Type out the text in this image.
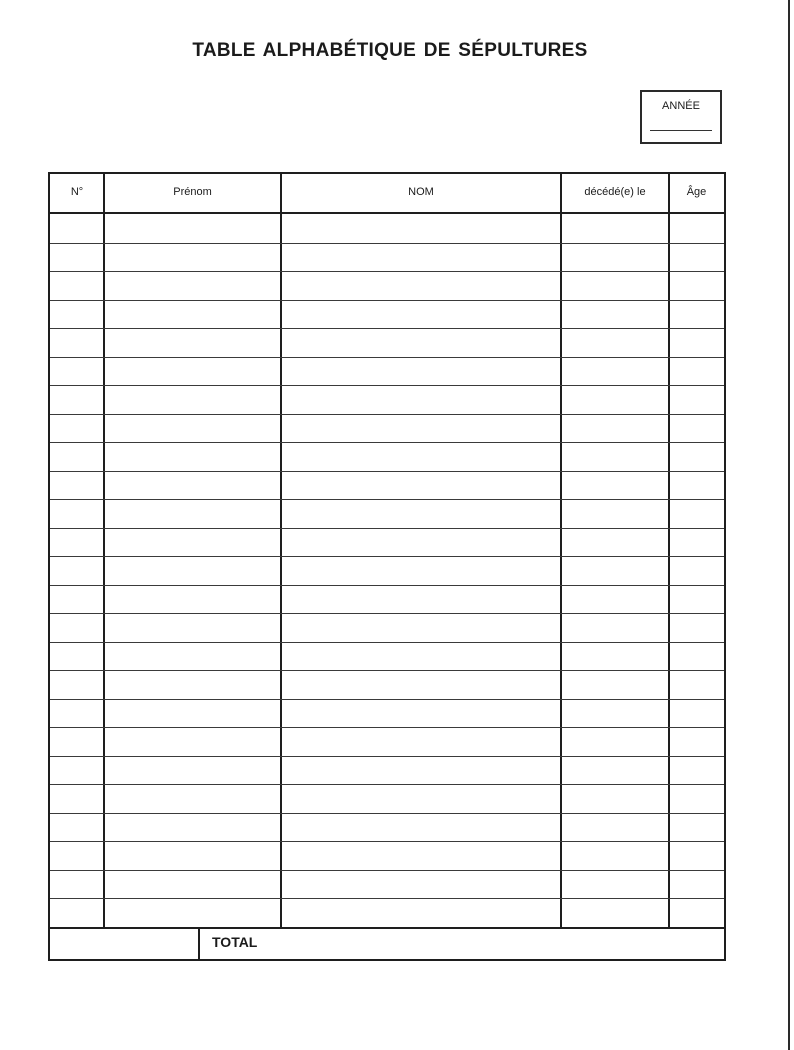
TABLE ALPHABÉTIQUE DE SÉPULTURES
ANNÉE
N°	Prénom	NOM	décédé(e) le	Âge
TOTAL
